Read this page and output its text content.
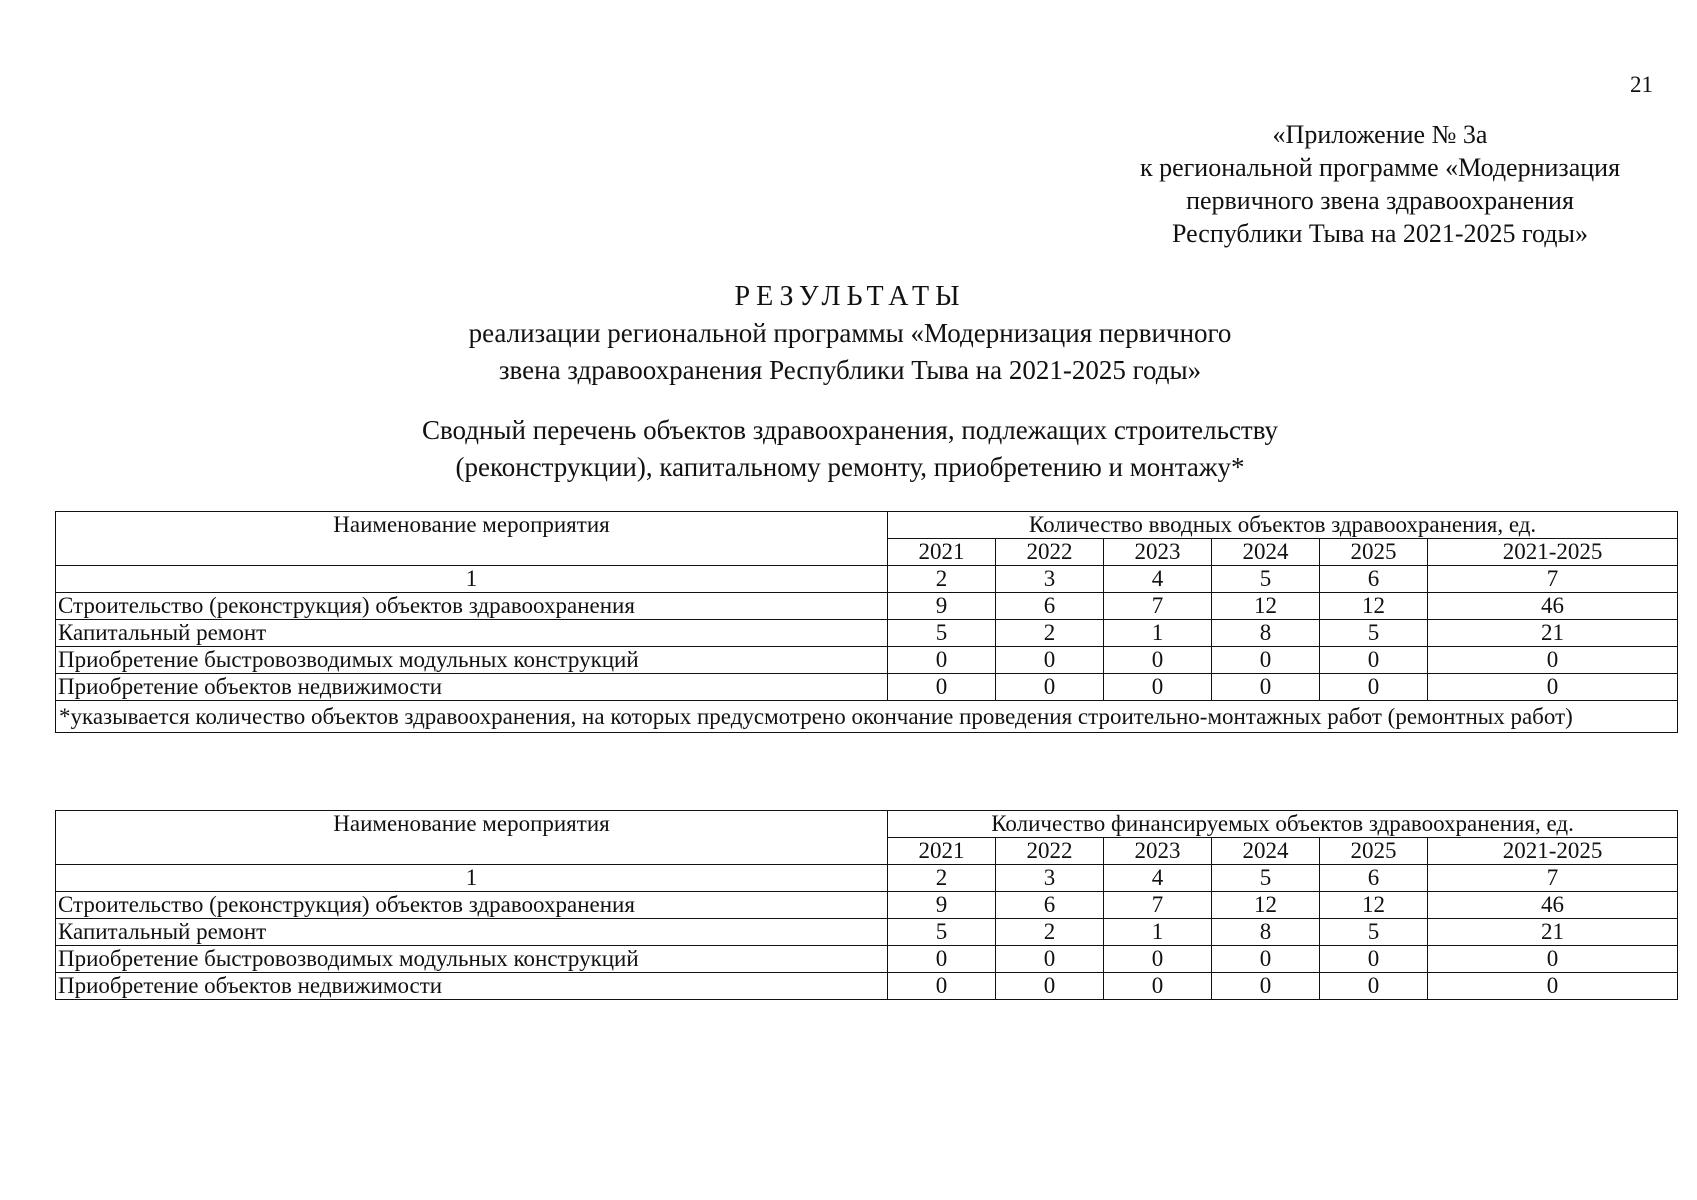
21
«Приложение № 3а
к региональной программе «Модернизация
первичного звена здравоохранения
Республики Тыва на 2021-2025 годы»
РЕЗУЛЬТАТЫ
реализации региональной программы «Модернизация первичного
звена здравоохранения Республики Тыва на 2021-2025 годы»
Сводный перечень объектов здравоохранения, подлежащих строительству
(реконструкции), капитальному ремонту, приобретению и монтажу*
Наименование мероприятия	Количество вводных объектов здравоохранения, ед.					
	2021	2022	2023	2024	2025	2021-2025
1	2	3	4	5	6	7
Строительство (реконструкция) объектов здравоохранения	9	6	7	12	12	46
Капитальный ремонт	5	2	1	8	5	21
Приобретение быстровозводимых модульных конструкций	0	0	0	0	0	0
Приобретение объектов недвижимости	0	0	0	0	0	0
*указывается количество объектов здравоохранения, на которых предусмотрено окончание проведения строительно-монтажных работ (ремонтных работ)						
Наименование мероприятия	Количество финансируемых объектов здравоохранения, ед.					
	2021	2022	2023	2024	2025	2021-2025
1	2	3	4	5	6	7
Строительство (реконструкция) объектов здравоохранения	9	6	7	12	12	46
Капитальный ремонт	5	2	1	8	5	21
Приобретение быстровозводимых модульных конструкций	0	0	0	0	0	0
Приобретение объектов недвижимости	0	0	0	0	0	0
